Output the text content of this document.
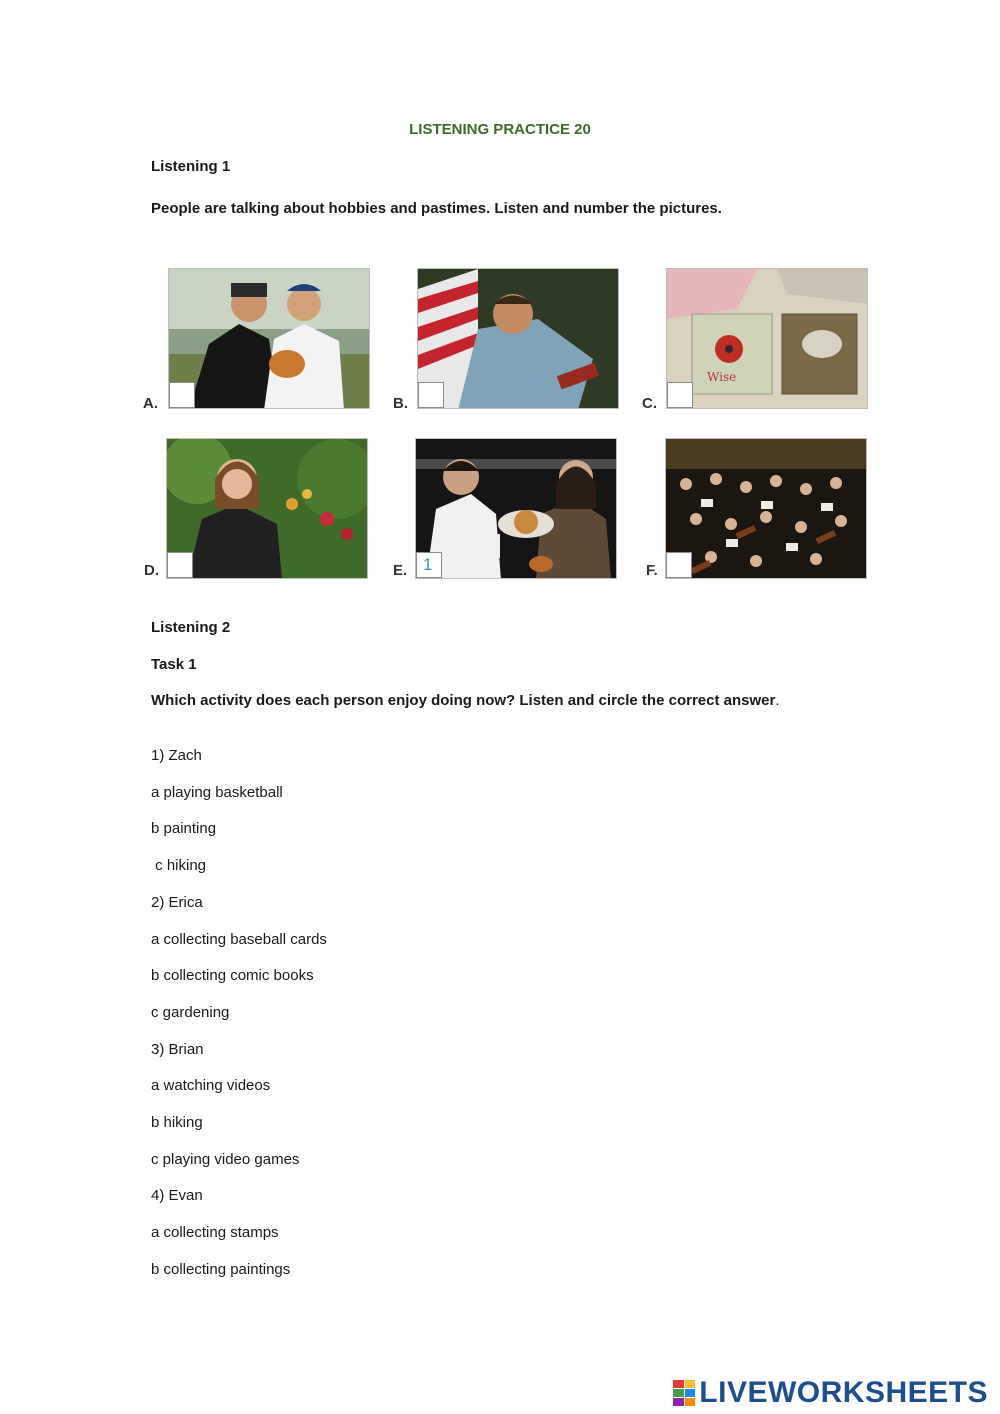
LISTENING PRACTICE 20
Listening 1
People are talking about hobbies and pastimes. Listen and number the pictures.
A.	B.	C.
Wise
D.	E. 1	F.
Listening 2
Task 1
Which activity does each person enjoy doing now? Listen and circle the correct answer.
1) Zach
a playing basketball
b painting
c hiking
2) Erica
a collecting baseball cards
b collecting comic books
c gardening
3) Brian
a watching videos
b hiking
c playing video games
4) Evan
a collecting stamps
b collecting paintings
LIVEWORKSHEETS
